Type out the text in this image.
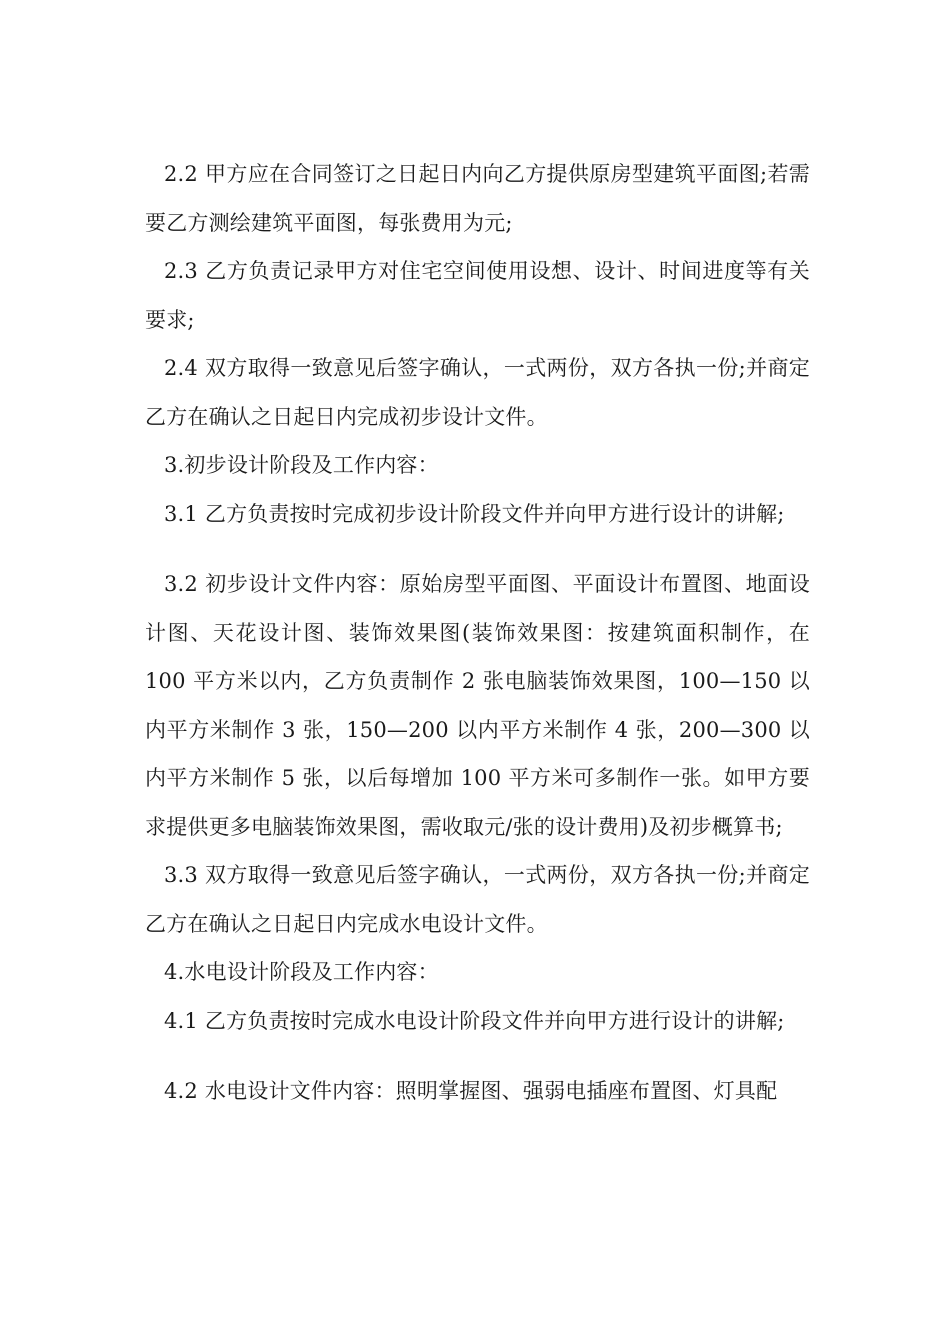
2.2 甲方应在合同签订之日起日内向乙方提供原房型建筑平面图;若需要乙方测绘建筑平面图，每张费用为元;

2.3 乙方负责记录甲方对住宅空间使用设想、设计、时间进度等有关要求;

2.4 双方取得一致意见后签字确认，一式两份，双方各执一份;并商定乙方在确认之日起日内完成初步设计文件。

3.初步设计阶段及工作内容：

3.1 乙方负责按时完成初步设计阶段文件并向甲方进行设计的讲解;

3.2 初步设计文件内容：原始房型平面图、平面设计布置图、地面设计图、天花设计图、装饰效果图(装饰效果图：按建筑面积制作，在 100 平方米以内，乙方负责制作 2 张电脑装饰效果图，100—150 以内平方米制作 3 张，150—200 以内平方米制作 4 张，200—300 以内平方米制作 5 张，以后每增加 100 平方米可多制作一张。如甲方要求提供更多电脑装饰效果图，需收取元/张的设计费用)及初步概算书;

3.3 双方取得一致意见后签字确认，一式两份，双方各执一份;并商定乙方在确认之日起日内完成水电设计文件。

4.水电设计阶段及工作内容：

4.1 乙方负责按时完成水电设计阶段文件并向甲方进行设计的讲解;

4.2 水电设计文件内容：照明掌握图、强弱电插座布置图、灯具配
